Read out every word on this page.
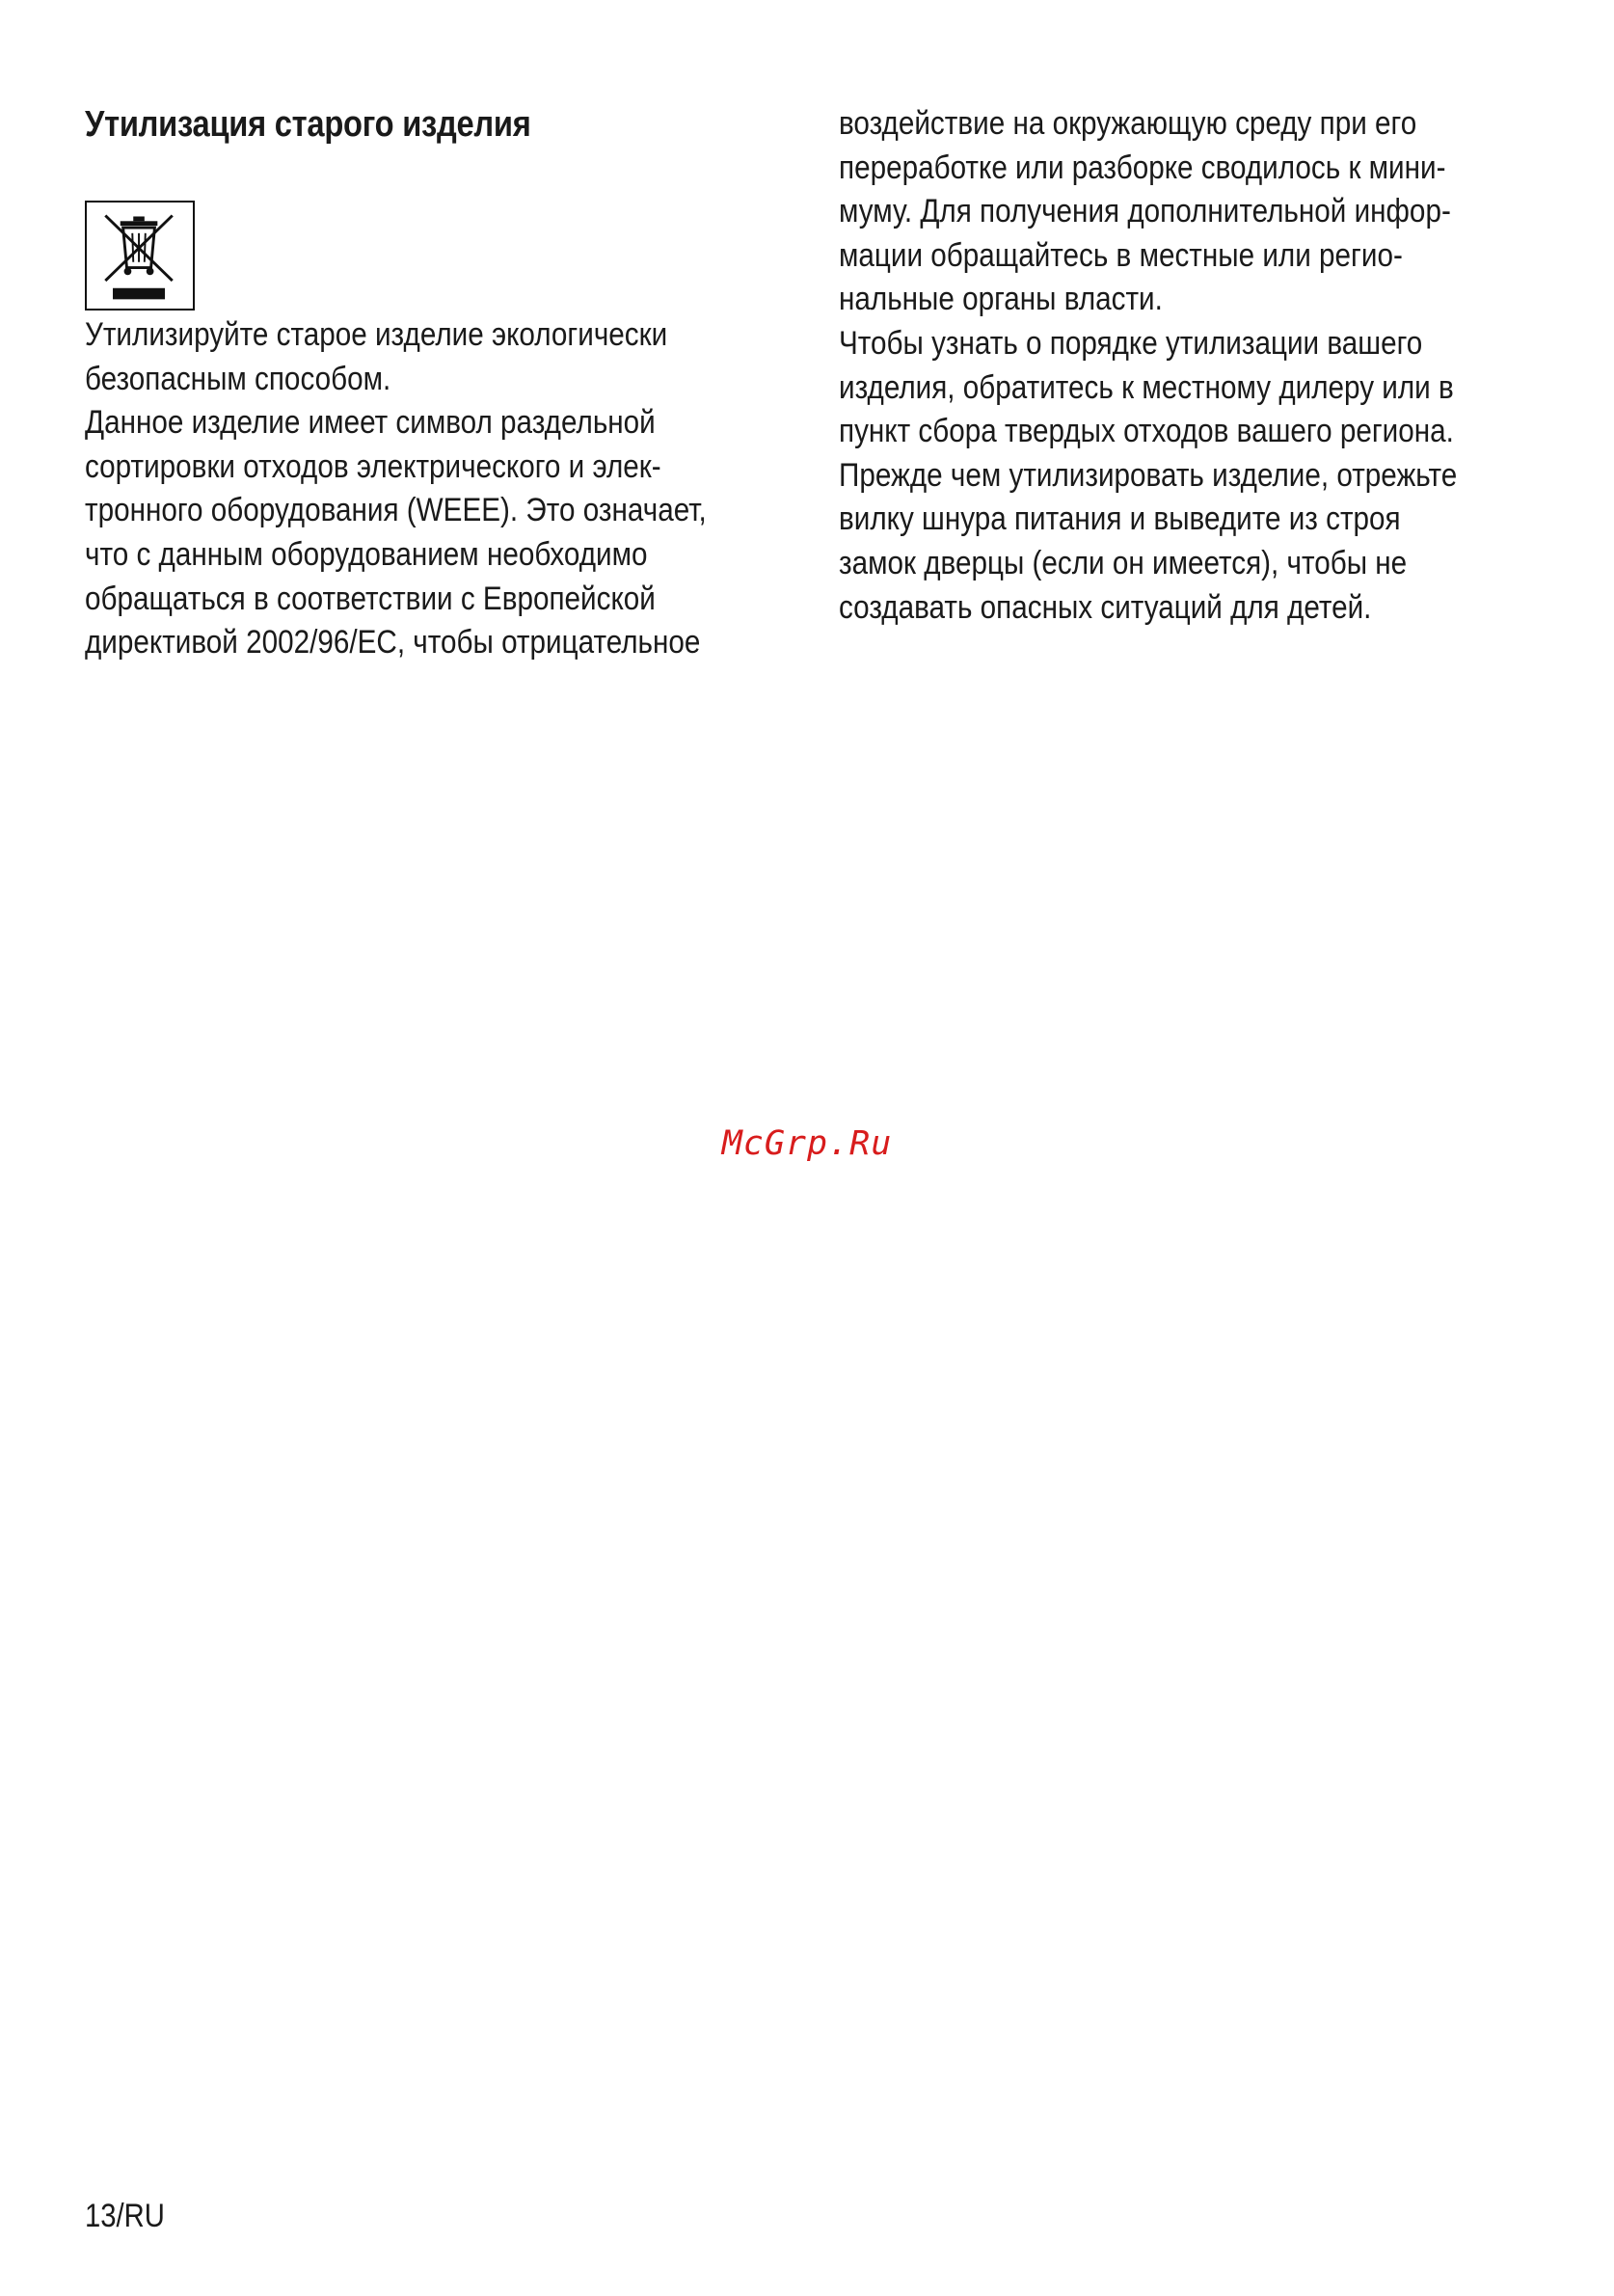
Утилизация старого изделия
Утилизируйте старое изделие экологически
безопасным способом.
Данное изделие имеет символ раздельной
сортировки отходов электрического и элек-
тронного оборудования (WEEE). Это означает,
что с данным оборудованием необходимо
обращаться в соответствии с Европейской
директивой 2002/96/EC, чтобы отрицательное
воздействие на окружающую среду при его
переработке или разборке сводилось к мини-
муму. Для получения дополнительной инфор-
мации обращайтесь в местные или регио-
нальные органы власти.
Чтобы узнать о порядке утилизации вашего
изделия, обратитесь к местному дилеру или в
пункт сбора твердых отходов вашего региона.
Прежде чем утилизировать изделие, отрежьте
вилку шнура питания и выведите из строя
замок дверцы (если он имеется), чтобы не
создавать опасных ситуаций для детей.
McGrp.Ru
13/RU
